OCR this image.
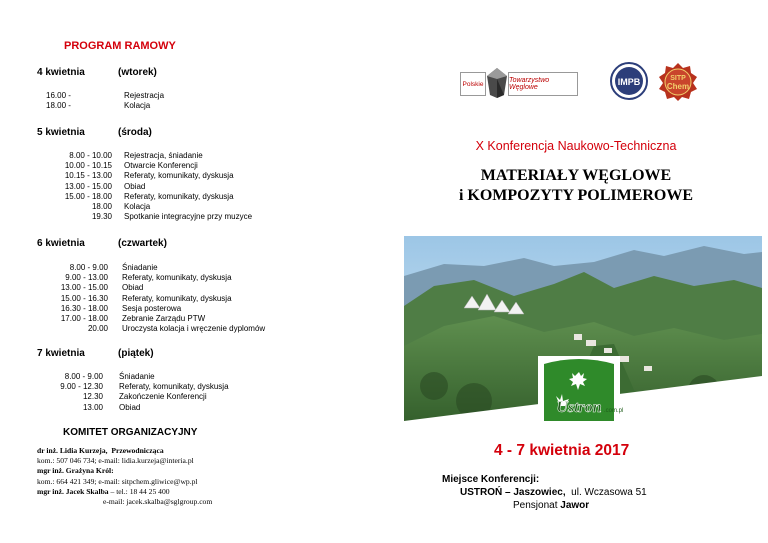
PROGRAM RAMOWY
4 kwietnia	(wtorek)
16.00 -	Rejestracja
18.00 -	Kolacja
5 kwietnia	(środa)
8.00 - 10.00 Rejestracja, śniadanie
10.00 - 10.15 Otwarcie Konferencji
10.15 - 13.00 Referaty, komunikaty, dyskusja
13.00 - 15.00 Obiad
15.00 - 18.00 Referaty, komunikaty, dyskusja
18.00 Kolacja
19.30 Spotkanie integracyjne przy muzyce
6 kwietnia	(czwartek)
8.00 - 9.00 Śniadanie
9.00 - 13.00 Referaty, komunikaty, dyskusja
13.00 - 15.00 Obiad
15.00 - 16.30 Referaty, komunikaty, dyskusja
16.30 - 18.00 Sesja posterowa
17.00 - 18.00 Zebranie Zarządu PTW
20.00 Uroczysta kolacja i wręczenie dyplomów
7 kwietnia	(piątek)
8.00 - 9.00 Śniadanie
9.00 - 12.30 Referaty, komunikaty, dyskusja
12.30 Zakończenie Konferencji
13.00 Obiad
KOMITET ORGANIZACYJNY
dr inż. Lidia Kurzeja, Przewodnicząca
kom.: 507 046 734; e-mail: lidia.kurzeja@interia.pl
mgr inż. Grażyna Król:
kom.: 664 421 349; e-mail: sitpchem.gliwice@wp.pl
mgr inż. Jacek Skalba – tel.: 18 44 25 400
e-mail: jacek.skalba@sglgroup.com
Polskie	Towarzystwo Węglowe
IMPB	SITP
Chem
X Konferencja Naukowo-Techniczna
MATERIAŁY WĘGLOWE
i KOMPOZYTY POLIMEROWE
Ustron .com.pl
4 - 7 kwietnia 2017
Miejsce Konferencji:
USTROŃ – Jaszowiec, ul. Wczasowa 51
Pensjonat Jawor
